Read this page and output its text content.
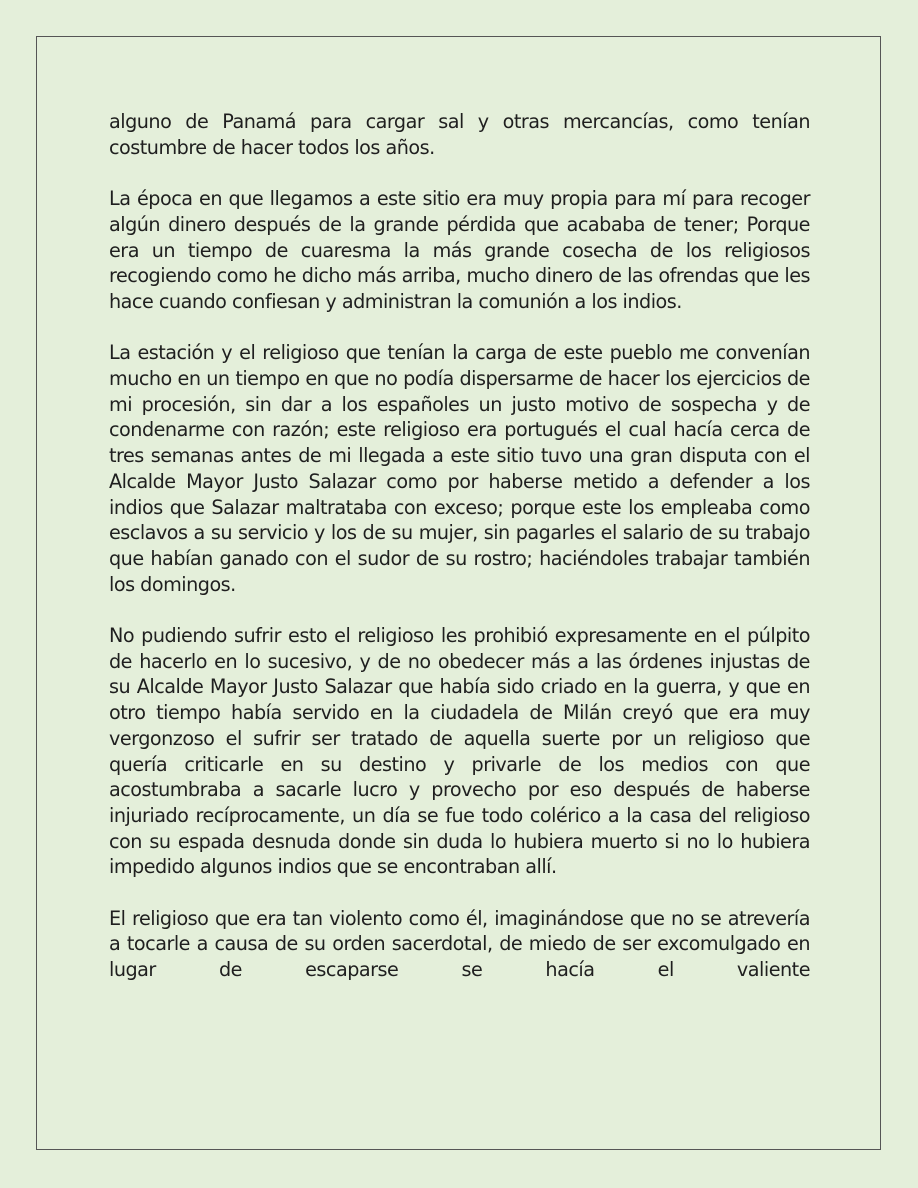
alguno de Panamá para cargar sal y otras mercancías, como tenían costumbre de hacer todos los años.

La época en que llegamos a este sitio era muy propia para mí para recoger algún dinero después de la grande pérdida que acababa de tener; Porque era un tiempo de cuaresma la más grande cosecha de los religiosos recogiendo como he dicho más arriba, mucho dinero de las ofrendas que les hace cuando confiesan y administran la comunión a los indios.

La estación y el religioso que tenían la carga de este pueblo me convenían mucho en un tiempo en que no podía dispersarme de hacer los ejercicios de mi procesión, sin dar a los españoles un justo motivo de sospecha y de condenarme con razón; este religioso era portugués el cual hacía cerca de tres semanas antes de mi llegada a este sitio tuvo una gran disputa con el Alcalde Mayor Justo Salazar como por haberse metido a defender a los indios que Salazar maltrataba con exceso; porque este los empleaba como esclavos a su servicio y los de su mujer, sin pagarles el salario de su trabajo que habían ganado con el sudor de su rostro; haciéndoles trabajar también los domingos.

No pudiendo sufrir esto el religioso les prohibió expresamente en el púlpito de hacerlo en lo sucesivo, y de no obedecer más a las órdenes injustas de su Alcalde Mayor Justo Salazar que había sido criado en la guerra, y que en otro tiempo había servido en la ciudadela de Milán creyó que era muy vergonzoso el sufrir ser tratado de aquella suerte por un religioso que quería criticarle en su destino y privarle de los medios con que acostumbraba a sacarle lucro y provecho por eso después de haberse injuriado recíprocamente, un día se fue todo colérico a la casa del religioso con su espada desnuda donde sin duda lo hubiera muerto si no lo hubiera impedido algunos indios que se encontraban allí.

El religioso que era tan violento como él, imaginándose que no se atrevería a tocarle a causa de su orden sacerdotal, de miedo de ser excomulgado en lugar de escaparse se hacía el valiente
